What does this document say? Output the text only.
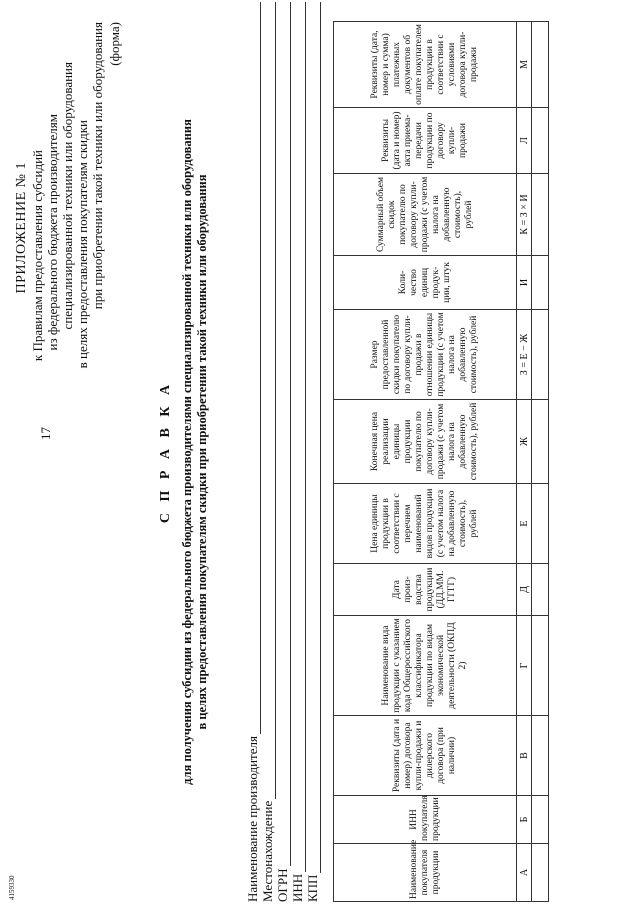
17
4159330
ПРИЛОЖЕНИЕ № 1 к Правилам предоставления субсидий из федерального бюджета производителям специализированной техники или оборудования в целях предоставления покупателям скидки при приобретении такой техники или оборудования (форма)
С П Р А В К А для получения субсидии из федерального бюджета производителями специализированной техники или оборудования в целях предоставления покупателям скидки при приобретении такой техники или оборудования
Наименование производителя Местонахождение ОГРН ИНН КПП	Наименование покупателя продукции	ИНН покупателя продукции	Реквизиты (дата и номер) договора купли-продажи и дилерского договора (при наличии)	Наименование вида продукции с указанием кода Общероссийского классификатора продукции по видам экономической деятельности (ОКПД 2)	Дата произ-водства продукции (ДД.ММ. ГГГГ)	Цена единицы продукции в соответствии с перечнем наименований видов продукции (с учетом налога на добавленную стоимость), рублей	Конечная цена реализации единицы продукции покупателю по договору купли-продажи (с учетом налога на добавленную стоимость), рублей	Размер предоставленной скидки покупателю по договору купли-продажи в отношении единицы продукции (с учетом налога на добавленную стоимость), рублей	Коли-чество единиц продук-ции, штук	Суммарный объем скидок покупателю по договору купли-продажи (с учетом налога на добавленную стоимость), рублей	Реквизиты (дата и номер) акта приема-передачи продукции по договору купли-продажи	Реквизиты (дата, номер и сумма) платежных документов об оплате покупателем продукции в соответствии с условиями договора купли-продажи
А	Б	В	Г	Д	Е	Ж	З = Е − Ж	И	К = З × И	Л	М
